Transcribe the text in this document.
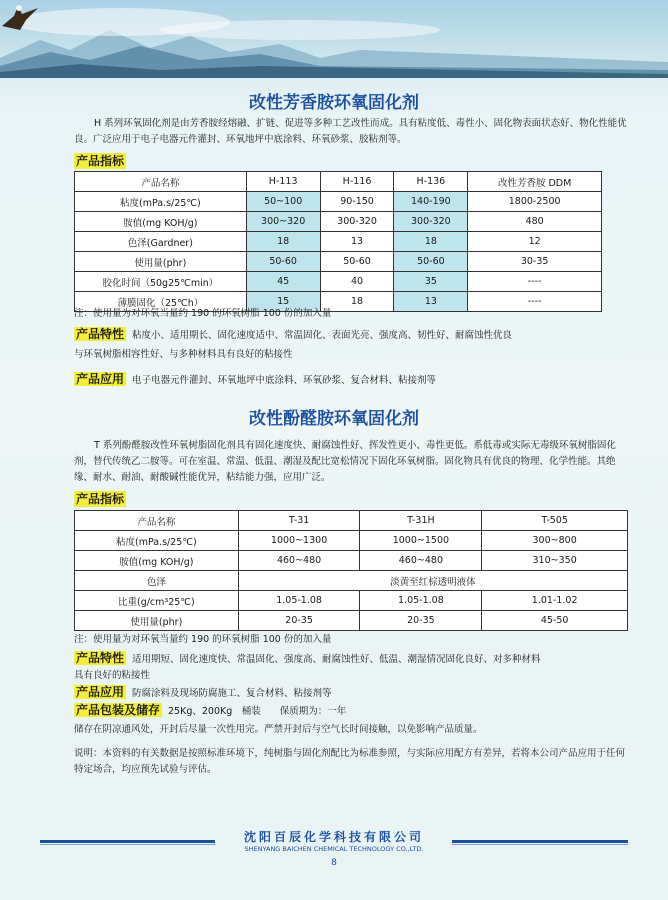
改性芳香胺环氧固化剂
H 系列环氧固化剂是由芳香胺经熔融、扩链、促进等多种工艺改性而成。具有粘度低、毒性小、固化物表面状态好、物化性能优良。广泛应用于电子电器元件灌封、环氧地坪中底涂料、环氧砂浆、胶粘剂等。
产品指标
产品名称	H-113	H-116	H-136	改性芳香胺 DDM
粘度(mPa.s/25℃)	50~100	90-150	140-190	1800-2500
胺值(mg KOH/g)	300~320	300-320	300-320	480
色泽(Gardner)	18	13	18	12
使用量(phr)	50-60	50-60	50-60	30-35
胶化时间（50g25℃min）	45	40	35	----
薄膜固化（25℃h）	15	18	13	----
注：使用量为对环氧当量约 190 的环氧树脂 100 份的加入量
产品特性 粘度小、适用期长、固化速度适中、常温固化、表面光亮、强度高、韧性好、耐腐蚀性优良
与环氧树脂相容性好、与多种材料具有良好的粘接性
产品应用 电子电器元件灌封、环氧地坪中底涂料、环氧砂浆、复合材料、粘接剂等
改性酚醛胺环氧固化剂
T 系列酚醛胺改性环氧树脂固化剂具有固化速度快、耐腐蚀性好、挥发性更小、毒性更低。系低毒或实际无毒级环氧树脂固化剂，替代传统乙二胺等。可在室温、常温、低温、潮湿及配比宽松情况下固化环氧树脂。固化物具有优良的物理、化学性能。其绝缘、耐水、耐油、耐酸碱性能优异，粘结能力强，应用广泛。
产品指标
产品名称	T-31	T-31H	T-505
粘度(mPa.s/25℃)	1000~1300	1000~1500	300~800
胺值(mg KOH/g)	460~480	460~480	310~350
色泽	淡黄至红棕透明液体		
比重(g/cm³25℃)	1.05-1.08	1.05-1.08	1.01-1.02
使用量(phr)	20-35	20-35	45-50
注：使用量为对环氧当量约 190 的环氧树脂 100 份的加入量
产品特性 适用期短、固化速度快、常温固化、强度高、耐腐蚀性好、低温、潮湿情况固化良好、对多种材料
具有良好的粘接性
产品应用 防腐涂料及现场防腐施工、复合材料、粘接剂等
产品包装及储存 25Kg、200Kg　桶装　　保质期为：一年
储存在阴凉通风处，开封后尽量一次性用完。严禁开封后与空气长时间接触，以免影响产品质量。
说明：本资料的有关数据是按照标准环境下，纯树脂与固化剂配比为标准参照，与实际应用配方有差异，若将本公司产品应用于任何特定场合，均应预先试验与评估。
沈阳百辰化学科技有限公司
SHENYANG BAICHEN CHEMICAL TECHNOLOGY CO.,LTD.
8
